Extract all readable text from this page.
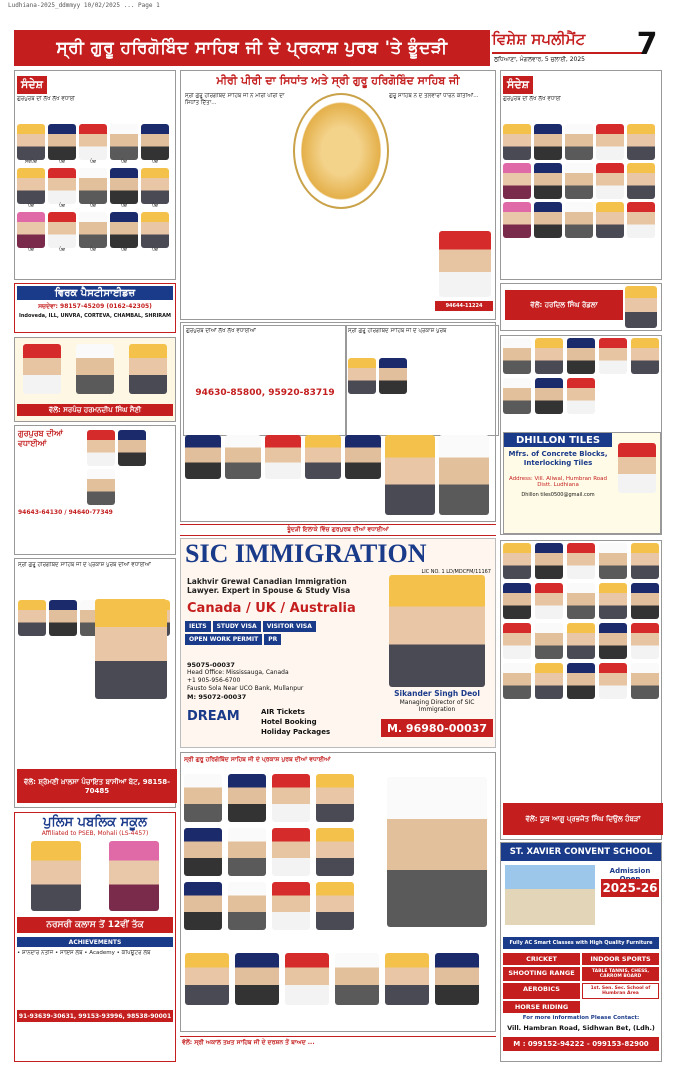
Ludhiana-2025_ddmmyy 10/02/2025 ... Page 1
ਸ੍ਰੀ ਗੁਰੂ ਹਰਿਗੋਬਿੰਦ ਸਾਹਿਬ ਜੀ ਦੇ ਪ੍ਰਕਾਸ਼ ਪੁਰਬ 'ਤੇ ਭੂੰਦੜੀ	ਵਿਸ਼ੇਸ਼ ਸਪਲੀਮੈਂਟ	7
ਲੁਧਿਆਣਾ, ਮੰਗਲਵਾਰ, 5 ਜੁਲਾਈ, 2025
ਸੰਦੇਸ਼
ਗੁਰਪੁਰਬ ਦੀ ਲੱਖ ਲੱਖ ਵਧਾਈ
ਸਰਪੰਚ	ਪੰਚ	ਪੰਚ	ਪੰਚ	ਪੰਚ
ਪੰਚ	ਪੰਚ	ਪੰਚ	ਪੰਚ	ਪੰਚ
ਪੰਚ	ਪੰਚ	ਪੰਚ	ਪੰਚ	ਪੰਚ
ਵਿਰਕ ਪੈਸਟੀਸਾਈਡਜ਼
ਸਚਦੇਵਾ: 98157-45209 (0162-42305)
Indoveda, ILL, UNVRA, CORTEVA, CHAMBAL, SHRIRAM
ਵੱਲੋਂ: ਸਰਪੰਚ ਹਰਮਨਦੀਪ ਸਿੰਘ ਸੈਣੀ
ਗੁਰਪੁਰਬ ਦੀਆਂ ਵਧਾਈਆਂ
94643-64130 / 94640-77349
ਸ੍ਰੀ ਗੁਰੂ ਹਰਿਗੋਬਿੰਦ ਸਾਹਿਬ ਜੀ ਦੇ ਪ੍ਰਕਾਸ਼ ਪੁਰਬ ਦੀਆਂ ਵਧਾਈਆਂ
ਵੱਲੋਂ: ਸ਼੍ਰੋਮਣੀ ਖ਼ਾਲਸਾ ਪੰਚਾਇਤ ਬਾਸੀਆਂ ਬੇਟ, 98158-70485
ਪੁਲਿਸ ਪਬਲਿਕ ਸਕੂਲ
Affiliated to PSEB, Mohali (LS-4457)
ਨਰਸਰੀ ਕਲਾਸ ਤੋਂ 12ਵੀਂ ਤੱਕ
ACHIEVEMENTS
• ਸ਼ਾਨਦਾਰ ਨਤੀਜੇ • ਸਾਇੰਸ ਲੈਬ • Academy • ਕੰਪਿਊਟਰ ਲੈਬ
91-93639-30631, 99153-93996, 98538-90001
ਮੀਰੀ ਪੀਰੀ ਦਾ ਸਿਧਾਂਤ ਅਤੇ ਸ੍ਰੀ ਗੁਰੂ ਹਰਿਗੋਬਿੰਦ ਸਾਹਿਬ ਜੀ
ਸ੍ਰੀ ਗੁਰੂ ਹਰਿਗੋਬਿੰਦ ਸਾਹਿਬ ਜੀ ਨੇ ਮੀਰੀ ਪੀਰੀ ਦਾ ਸਿਧਾਂਤ ਦਿੱਤਾ...
ਗੁਰੂ ਸਾਹਿਬ ਨੇ ਦੋ ਤਲਵਾਰਾਂ ਧਾਰਨ ਕੀਤੀਆਂ...
94644-11224
ਗੁਰਪੁਰਬ ਦੀਆਂ ਲੱਖ ਲੱਖ ਵਧਾਈਆਂ
94630-85800, 95920-83719
ਸ੍ਰੀ ਗੁਰੂ ਹਰਿਗੋਬਿੰਦ ਸਾਹਿਬ ਜੀ ਦੇ ਪ੍ਰਕਾਸ਼ ਪੁਰਬ
ਭੂੰਦੜੀ ਇਲਾਕੇ ਵਿੱਚ ਗੁਰਪੁਰਬ ਦੀਆਂ ਵਧਾਈਆਂ
SIC IMMIGRATION
LIC NO. 1 LD/MDCFM/11167
Lakhvir Grewal Canadian Immigration Lawyer. Expert in Spouse & Study Visa
Canada / UK / Australia
IELTS	STUDY VISA	VISITOR VISA
OPEN WORK PERMIT	PR
95075-00037
Head Office: Mississauga, Canada
+1 905-956-6700
Fausto Sola Near UCO Bank, Mullanpur
M: 95072-00037
DREAM	AIR Tickets
Hotel Booking
Holiday Packages
Sikander Singh Deol
Managing Director of SIC Immigration
M. 96980-00037
ਸ੍ਰੀ ਗੁਰੂ ਹਰਿਗੋਬਿੰਦ ਸਾਹਿਬ ਜੀ ਦੇ ਪ੍ਰਕਾਸ਼ ਪੁਰਬ ਦੀਆਂ ਵਧਾਈਆਂ
ਵੱਲੋਂ: ਸ੍ਰੀ ਅਕਾਲ ਤਖ਼ਤ ਸਾਹਿਬ ਜੀ ਦੇ ਦਰਸ਼ਨ ਤੋਂ ਬਾਅਦ ...
ਸੰਦੇਸ਼
ਗੁਰਪੁਰਬ ਦੀ ਲੱਖ ਲੱਖ ਵਧਾਈ
ਵੱਲੋਂ: ਹਰਦਿਲ ਸਿੰਘ ਰੋਡਲਾ
DHILLON TILES
Mfrs. of Concrete Blocks, Interlocking Tiles
Address: Vill. Aliwal, Humbran Road Distt. Ludhiana
Dhillon tiles0500@gmail.com
ਵੱਲੋਂ: ਯੂਥ ਆਗੂ ਪ੍ਰਭਜੋਤ ਸਿੰਘ ਦਿਉਲ ਹੰਬੜਾਂ
ST. XAVIER CONVENT SCHOOL
Admission
2025-26
Fully AC Smart Classes with High Quality Furniture
CRICKET	INDOOR SPORTS
SHOOTING RANGE	TABLE TANNIS, CHESS, CARROM BOARD
AEROBICS	1st. Sen. Sec. School of Humbran Area
HORSE RIDING
For more information Please Contact:
Vill. Hambran Road, Sidhwan Bet, (Ldh.)
M : 099152-94222 - 099153-82900
